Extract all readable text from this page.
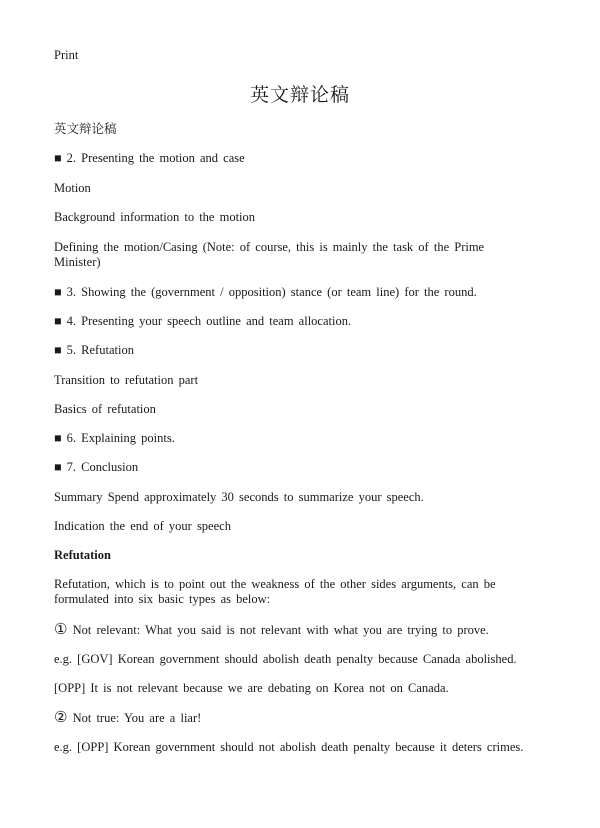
Print
英文辩论稿
英文辩论稿
■ 2. Presenting the motion and case
Motion
Background information to the motion
Defining the motion/Casing (Note: of course, this is mainly the task of the Prime Minister)
■ 3. Showing the (government / opposition) stance (or team line) for the round.
■ 4. Presenting your speech outline and team allocation.
■ 5. Refutation
Transition to refutation part
Basics of refutation
■ 6. Explaining points.
■ 7. Conclusion
Summary Spend approximately 30 seconds to summarize your speech.
Indication the end of your speech
Refutation
Refutation, which is to point out the weakness of the other sides arguments, can be formulated into six basic types as below:
① Not relevant: What you said is not relevant with what you are trying to prove.
e.g. [GOV] Korean government should abolish death penalty because Canada abolished.
[OPP] It is not relevant because we are debating on Korea not on Canada.
② Not true: You are a liar!
e.g. [OPP] Korean government should not abolish death penalty because it deters crimes.
